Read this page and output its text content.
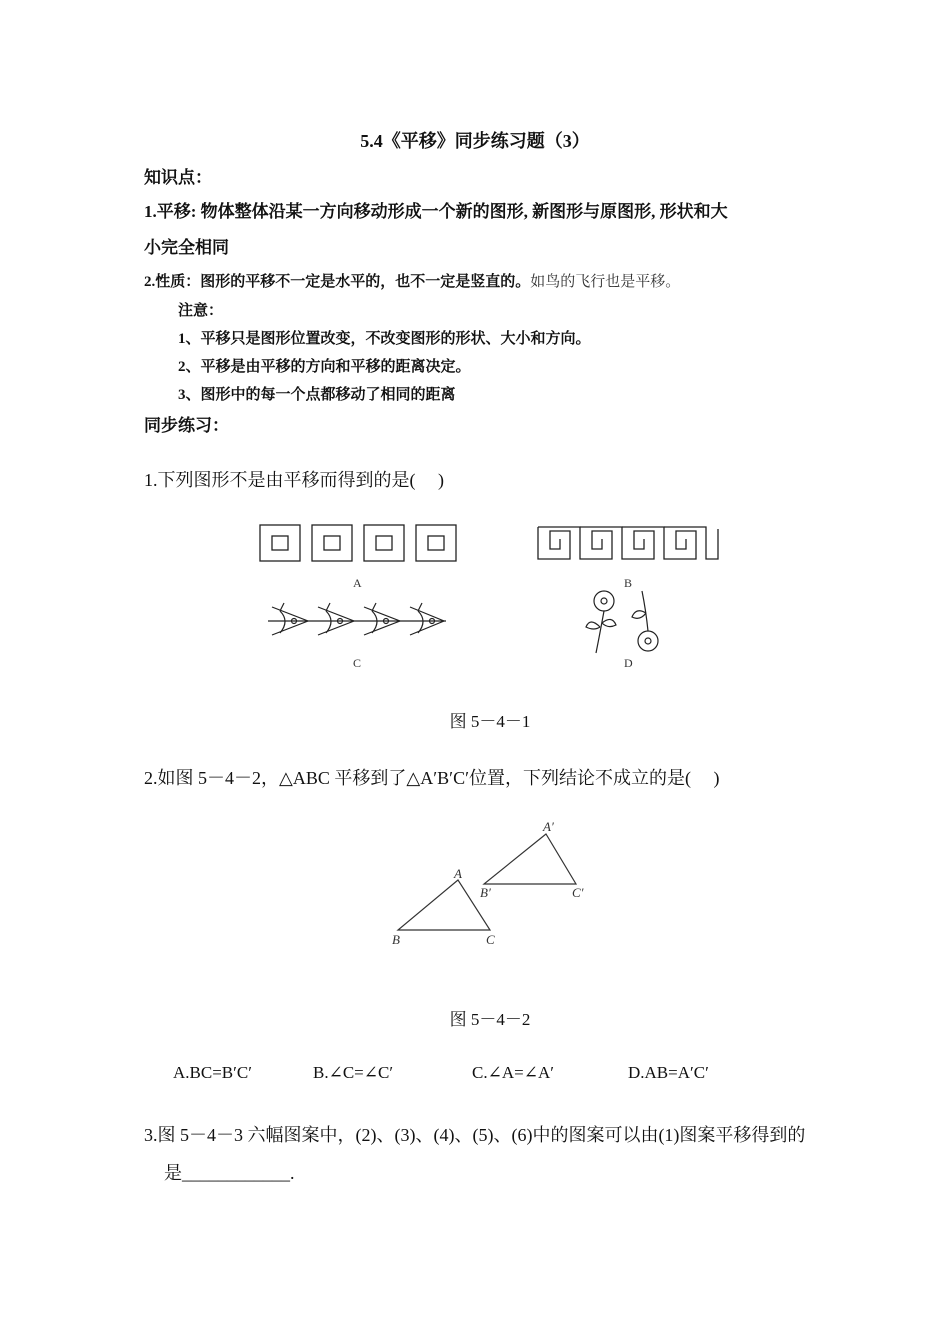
5.4《平移》同步练习题（3）
知识点：
1.平移: 物体整体沿某一方向移动形成一个新的图形, 新图形与原图形, 形状和大
小完全相同
2.性质：图形的平移不一定是水平的，也不一定是竖直的。如鸟的飞行也是平移。
注意：
1、平移只是图形位置改变，不改变图形的形状、大小和方向。
2、平移是由平移的方向和平移的距离决定。
3、图形中的每一个点都移动了相同的距离
同步练习：
1.下列图形不是由平移而得到的是(　 )
A	B
C	D
图 5－4－1
2.如图 5－4－2，△ABC 平移到了△A′B′C′位置，下列结论不成立的是(　 )
A
B	C
A′
B′	C′
图 5－4－2
A.BC=B′C′	B.∠C=∠C′	C.∠A=∠A′	D.AB=A′C′
3.图 5－4－3 六幅图案中，(2)、(3)、(4)、(5)、(6)中的图案可以由(1)图案平移得到的
是____________.
